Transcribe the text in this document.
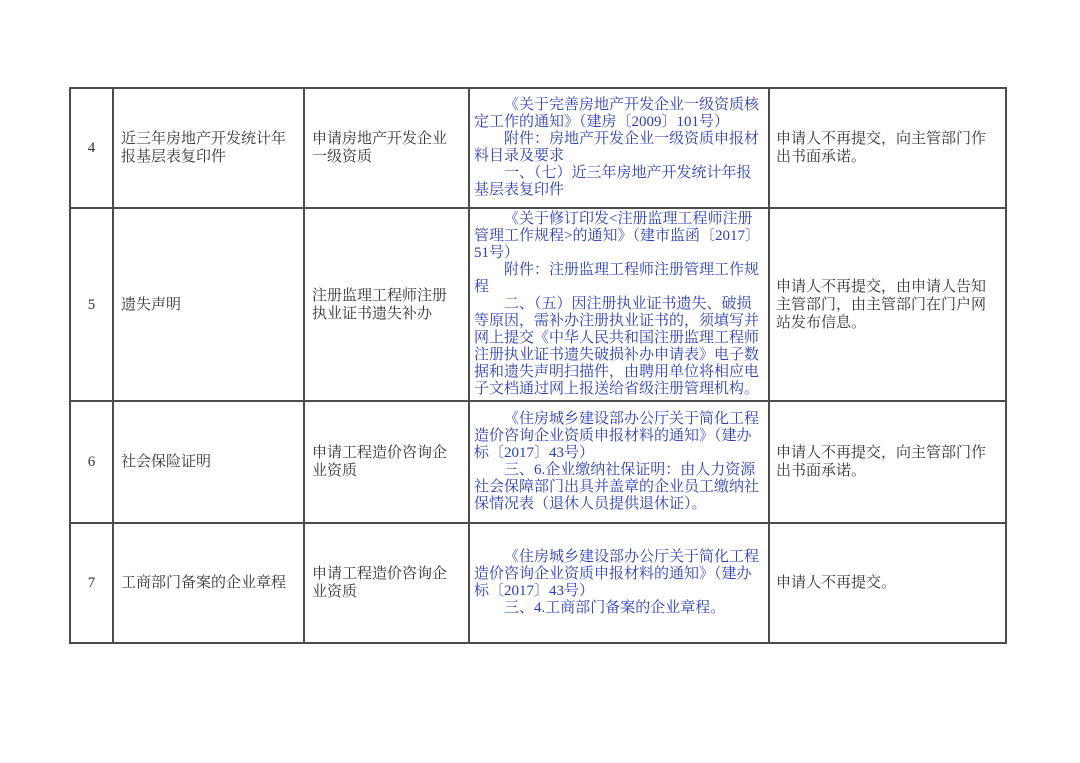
4	近三年房地产开发统计年报基层表复印件	申请房地产开发企业一级资质	《关于完善房地产开发企业一级资质核定工作的通知》（建房〔2009〕101号）

附件：房地产开发企业一级资质申报材料目录及要求

一、（七）近三年房地产开发统计年报基层表复印件	申请人不再提交，向主管部门作出书面承诺。
5	遗失声明	注册监理工程师注册执业证书遗失补办	《关于修订印发<注册监理工程师注册管理工作规程>的通知》（建市监函〔2017〕51号）

附件：注册监理工程师注册管理工作规程

二、（五）因注册执业证书遗失、破损等原因，需补办注册执业证书的，须填写并网上提交《中华人民共和国注册监理工程师注册执业证书遗失破损补办申请表》电子数据和遗失声明扫描件，由聘用单位将相应电子文档通过网上报送给省级注册管理机构。	申请人不再提交，由申请人告知主管部门，由主管部门在门户网站发布信息。
6	社会保险证明	申请工程造价咨询企业资质	《住房城乡建设部办公厅关于简化工程造价咨询企业资质申报材料的通知》（建办标〔2017〕43号）

三、6.企业缴纳社保证明：由人力资源社会保障部门出具并盖章的企业员工缴纳社保情况表（退休人员提供退休证）。	申请人不再提交，向主管部门作出书面承诺。
7	工商部门备案的企业章程	申请工程造价咨询企业资质	《住房城乡建设部办公厅关于简化工程造价咨询企业资质申报材料的通知》（建办标〔2017〕43号）

三、4.工商部门备案的企业章程。	申请人不再提交。
